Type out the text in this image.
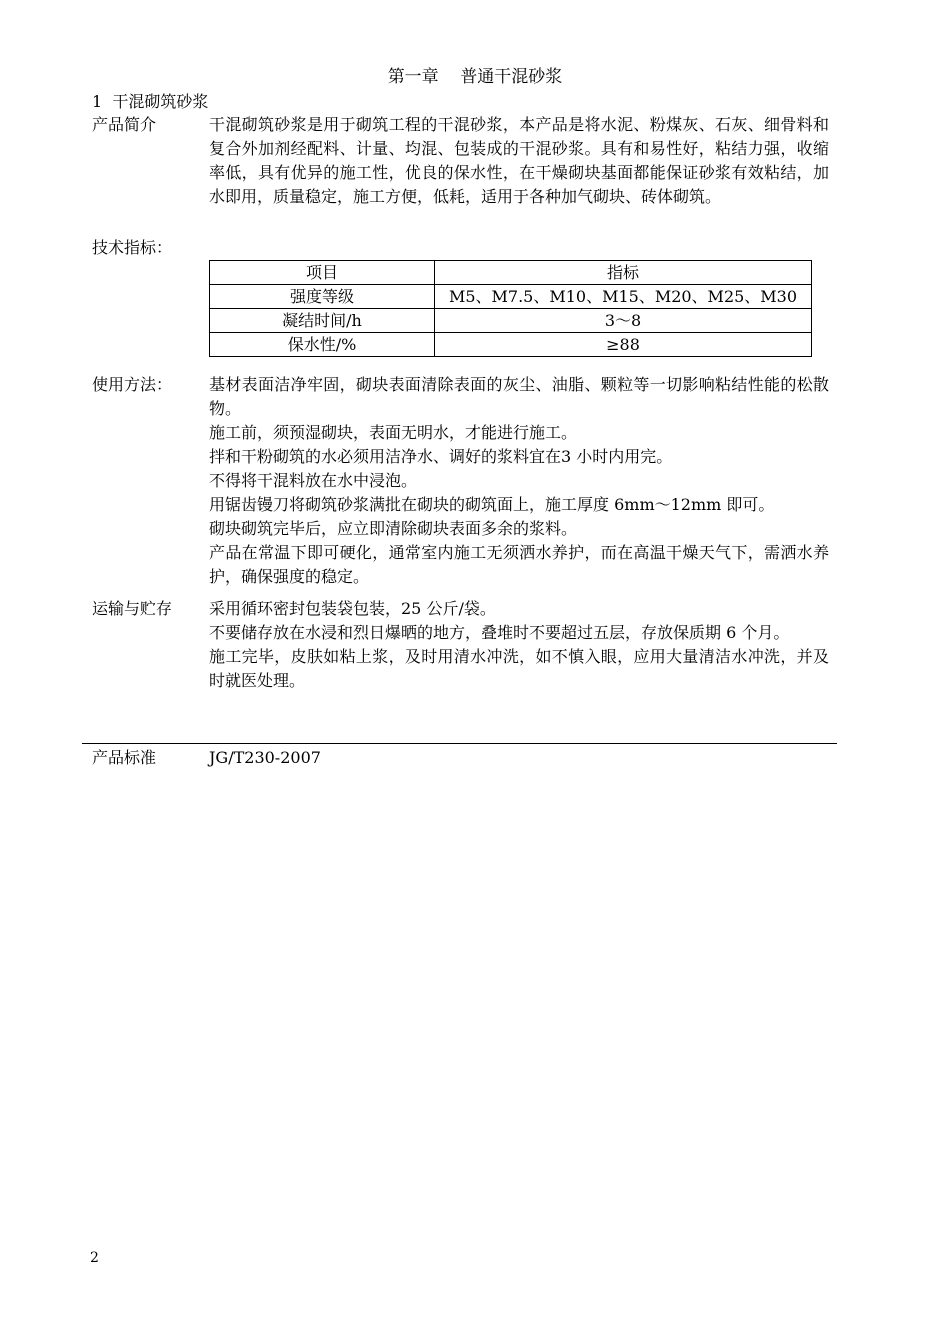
第一章    普通干混砂浆
1  干混砌筑砂浆
产品简介	干混砌筑砂浆是用于砌筑工程的干混砂浆，本产品是将水泥、粉煤灰、石灰、细骨料和复合外加剂经配料、计量、均混、包装成的干混砂浆。具有和易性好，粘结力强，收缩率低，具有优异的施工性，优良的保水性，在干燥砌块基面都能保证砂浆有效粘结，加水即用，质量稳定，施工方便，低耗，适用于各种加气砌块、砖体砌筑。
技术指标：
项目	指标
强度等级	M5、M7.5、M10、M15、M20、M25、M30
凝结时间/h	3～8
保水性/%	≥88
使用方法：	基材表面洁净牢固，砌块表面清除表面的灰尘、油脂、颗粒等一切影响粘结性能的松散物。

施工前，须预湿砌块，表面无明水，才能进行施工。

拌和干粉砌筑的水必须用洁净水、调好的浆料宜在3 小时内用完。

不得将干混料放在水中浸泡。

用锯齿镘刀将砌筑砂浆满批在砌块的砌筑面上，施工厚度 6mm～12mm 即可。

砌块砌筑完毕后，应立即清除砌块表面多余的浆料。

产品在常温下即可硬化，通常室内施工无须洒水养护，而在高温干燥天气下，需洒水养护，确保强度的稳定。

运输与贮存	采用循环密封包装袋包装，25 公斤/袋。

不要储存放在水浸和烈日爆晒的地方，叠堆时不要超过五层，存放保质期 6 个月。

施工完毕，皮肤如粘上浆，及时用清水冲洗，如不慎入眼，应用大量清洁水冲洗，并及时就医处理。

产品标准	JG/T230-2007
2
